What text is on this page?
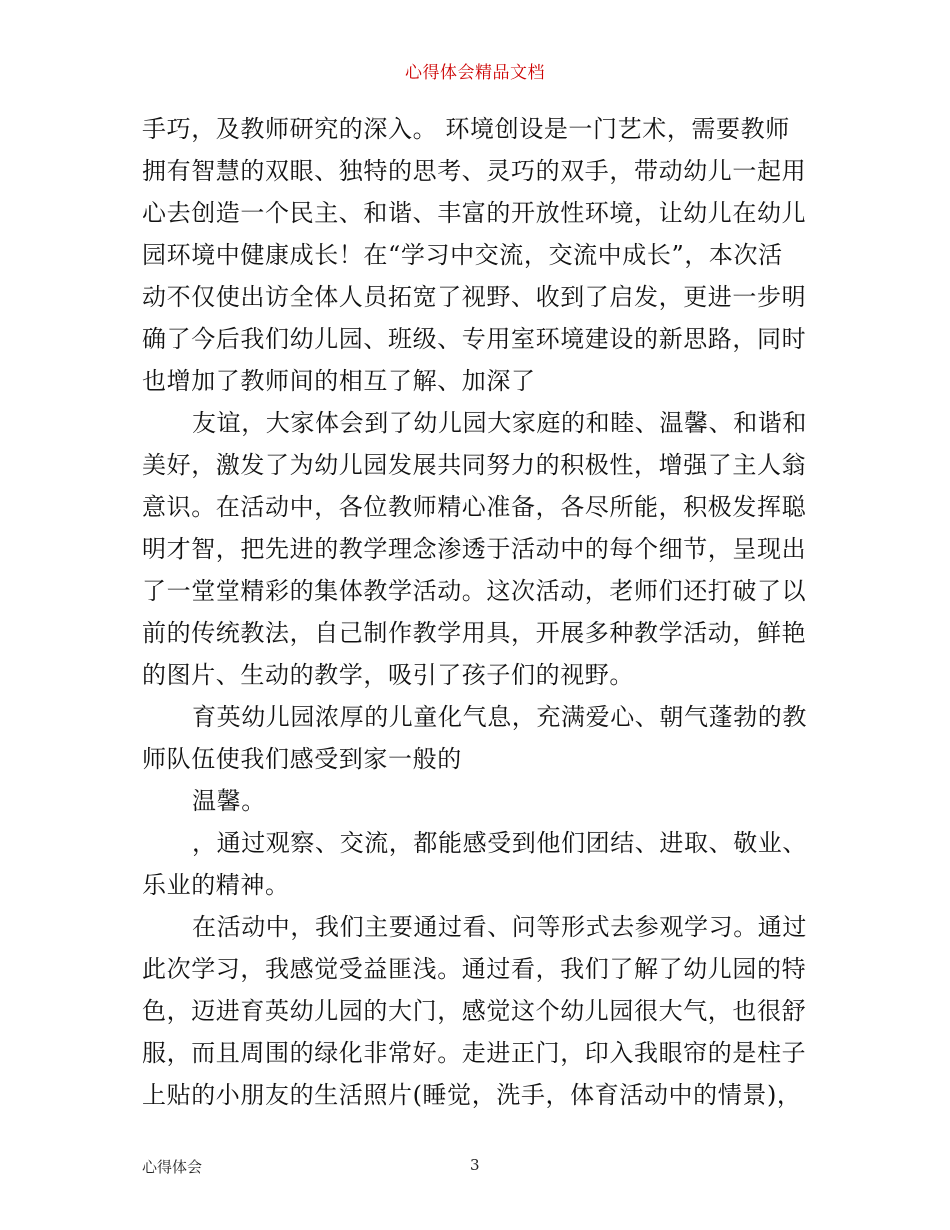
心得体会精品文档
手巧，及教师研究的深入。 环境创设是一门艺术，需要教师
拥有智慧的双眼、独特的思考、灵巧的双手，带动幼儿一起用
心去创造一个民主、和谐、丰富的开放性环境，让幼儿在幼儿
园环境中健康成长！在“学习中交流，交流中成长”，本次活
动不仅使出访全体人员拓宽了视野、收到了启发，更进一步明
确了今后我们幼儿园、班级、专用室环境建设的新思路，同时
也增加了教师间的相互了解、加深了
友谊，大家体会到了幼儿园大家庭的和睦、温馨、和谐和
美好，激发了为幼儿园发展共同努力的积极性，增强了主人翁
意识。在活动中，各位教师精心准备，各尽所能，积极发挥聪
明才智，把先进的教学理念渗透于活动中的每个细节，呈现出
了一堂堂精彩的集体教学活动。这次活动，老师们还打破了以
前的传统教法，自己制作教学用具，开展多种教学活动，鲜艳
的图片、生动的教学，吸引了孩子们的视野。
育英幼儿园浓厚的儿童化气息，充满爱心、朝气蓬勃的教
师队伍使我们感受到家一般的
温馨。
，通过观察、交流，都能感受到他们团结、进取、敬业、
乐业的精神。
在活动中，我们主要通过看、问等形式去参观学习。通过
此次学习，我感觉受益匪浅。通过看，我们了解了幼儿园的特
色，迈进育英幼儿园的大门，感觉这个幼儿园很大气，也很舒
服，而且周围的绿化非常好。走进正门，印入我眼帘的是柱子
上贴的小朋友的生活照片(睡觉，洗手，体育活动中的情景)，
心得体会	3
